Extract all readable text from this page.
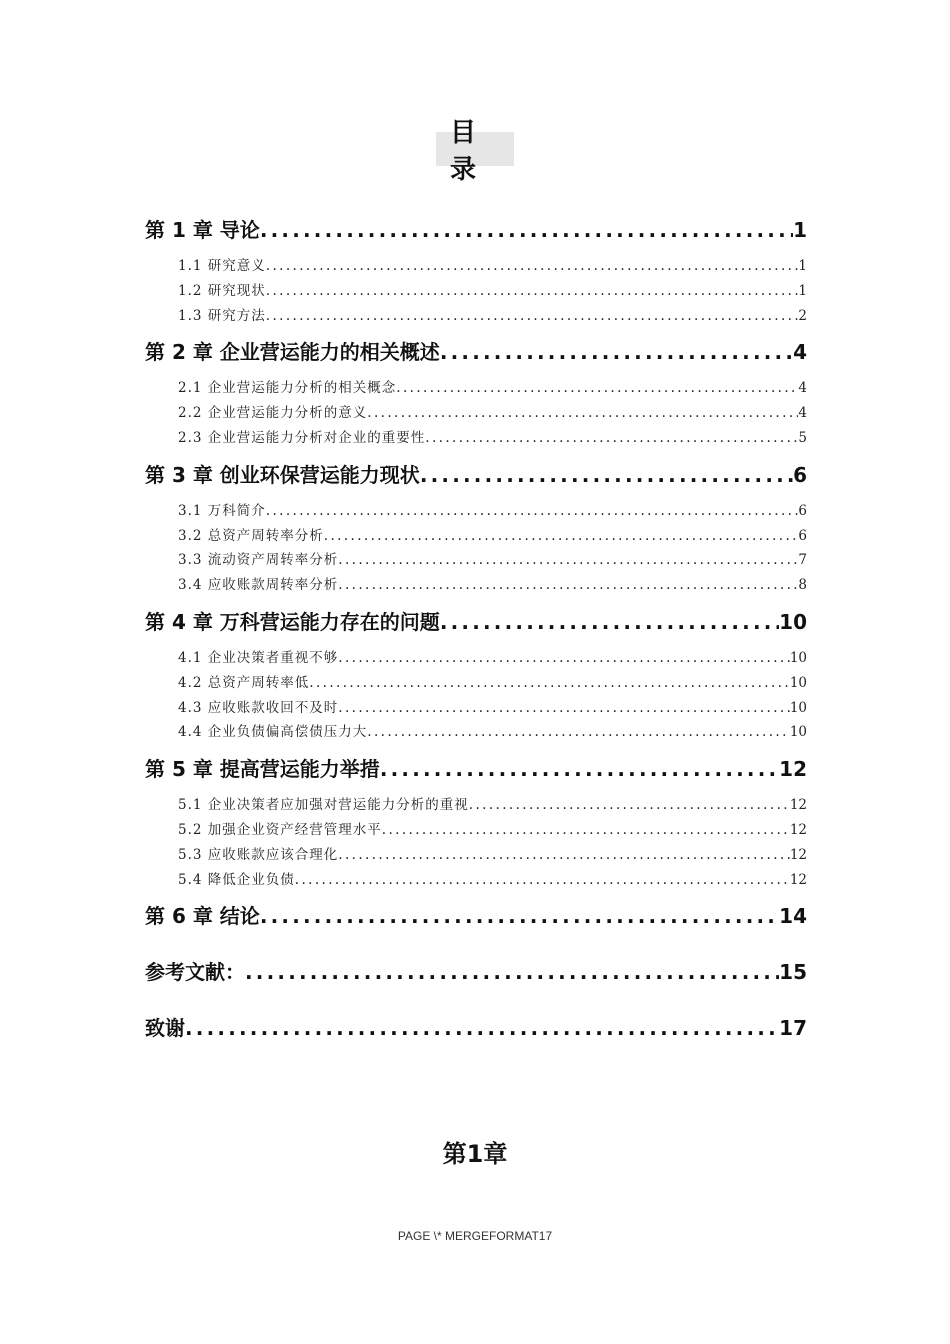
目 录
第 1 章 导论 .....	1
1.1 研究意义 .....	1
1.2 研究现状 .....	1
1.3 研究方法 .....	2
第 2 章 企业营运能力的相关概述 .....	4
2.1 企业营运能力分析的相关概念 .....	4
2.2 企业营运能力分析的意义 .....	4
2.3 企业营运能力分析对企业的重要性 .....	5
第 3 章 创业环保营运能力现状 .....	6
3.1 万科简介 .....	6
3.2 总资产周转率分析 .....	6
3.3 流动资产周转率分析 .....	7
3.4 应收账款周转率分析 .....	8
第 4 章 万科营运能力存在的问题 .....	10
4.1 企业决策者重视不够 .....	10
4.2 总资产周转率低 .....	10
4.3 应收账款收回不及时 .....	10
4.4 企业负债偏高偿债压力大 .....	10
第 5 章 提高营运能力举措 .....	12
5.1 企业决策者应加强对营运能力分析的重视 .....	12
5.2 加强企业资产经营管理水平 .....	12
5.3 应收账款应该合理化 .....	12
5.4 降低企业负债 .....	12
第 6 章 结论 .....	14
参考文献： .....	15
致谢 .....	17
第1章
PAGE \* MERGEFORMAT17
